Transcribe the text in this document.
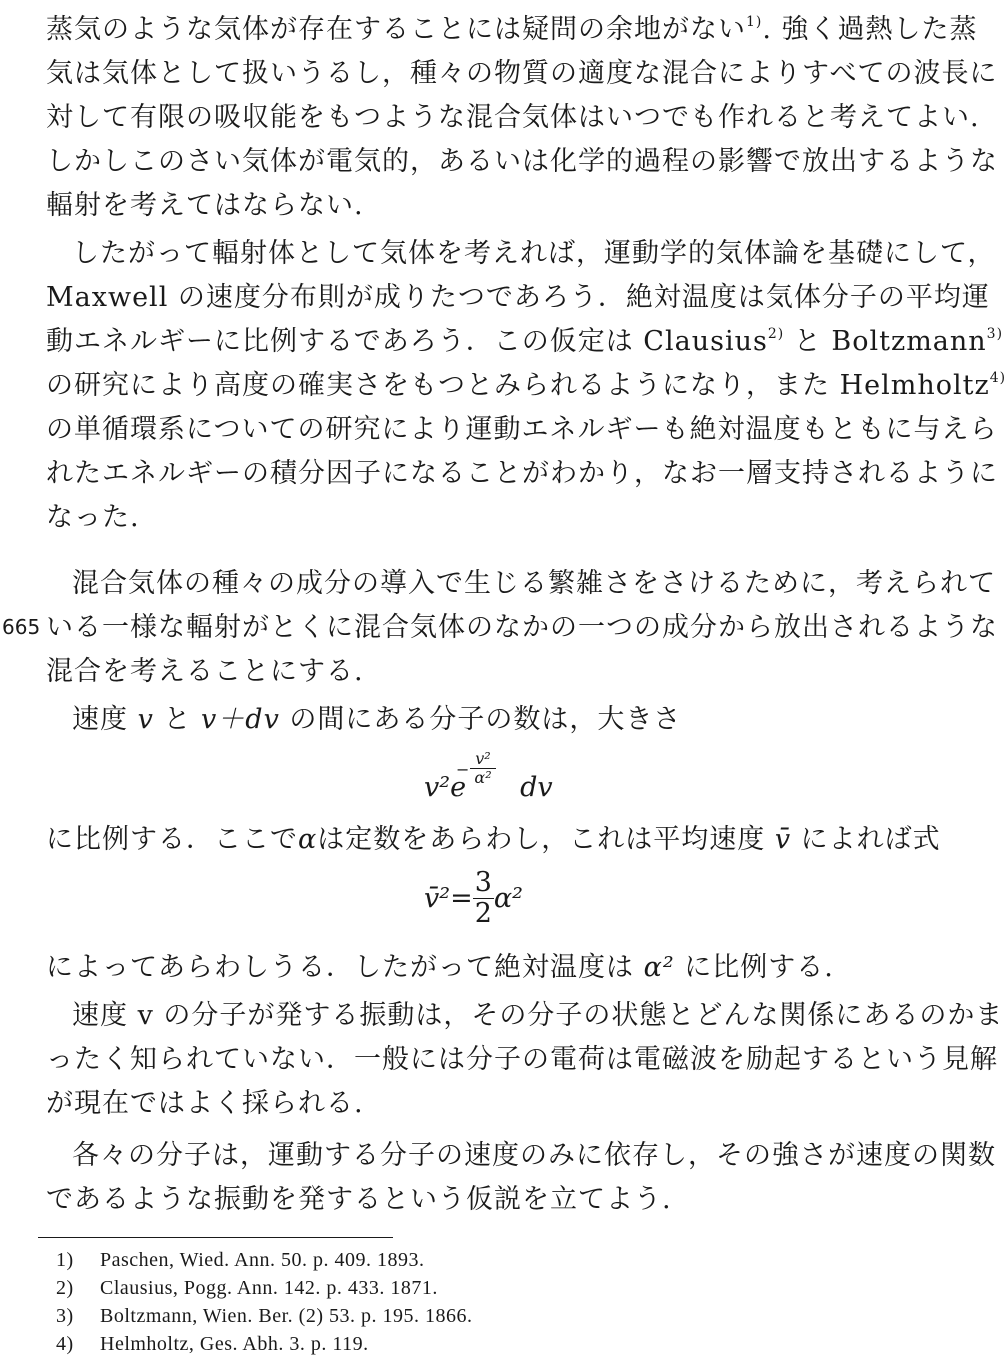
蒸気のような気体が存在することには疑問の余地がない$^{1)}$. 強く過熱した蒸
気は気体として扱いうるし，種々の物質の適度な混合によりすべての波長に
対して有限の吸収能をもつような混合気体はいつでも作れると考えてよい.
しかしこのさい気体が電気的，あるいは化学的過程の影響で放出するような
輻射を考えてはならない.
したがって輻射体として気体を考えれば，運動学的気体論を基礎にして，
Maxwell の速度分布則が成りたつであろう．絶対温度は気体分子の平均運
動エネルギーに比例するであろう．この仮定は Clausius$^{2)}$ と Boltzmann$^{3)}$
の研究により高度の確実さをもつとみられるようになり，また Helmholtz$^{4)}$
の単循環系についての研究により運動エネルギーも絶対温度もともに与えら
れたエネルギーの積分因子になることがわかり，なお一層支持されるように
なった.
混合気体の種々の成分の導入で生じる繁雑さをさけるために，考えられて
665 いる一様な輻射がとくに混合気体のなかの一つの成分から放出されるような
混合を考えることにする.
速度 v と v＋dv の間にある分子の数は，大きさ
v²e dv
−
v²
α²
に比例する．ここでαは定数をあらわし，これは平均速度 v̄ によれば式
v̄²= $\frac{3}{2} \alpha^2$
によってあらわしうる．したがって絶対温度は α² に比例する.
速度 v の分子が発する振動は，その分子の状態とどんな関係にあるのかま
ったく知られていない．一般には分子の電荷は電磁波を励起するという見解
が現在ではよく採られる.
各々の分子は，運動する分子の速度のみに依存し，その強さが速度の関数
であるような振動を発するという仮説を立てよう.
1) Paschen, Wied. Ann. 50. p. 409. 1893.
2) Clausius, Pogg. Ann. 142. p. 433. 1871.
3) Boltzmann, Wien. Ber. (2) 53. p. 195. 1866.
4) Helmholtz, Ges. Abh. 3. p. 119.
